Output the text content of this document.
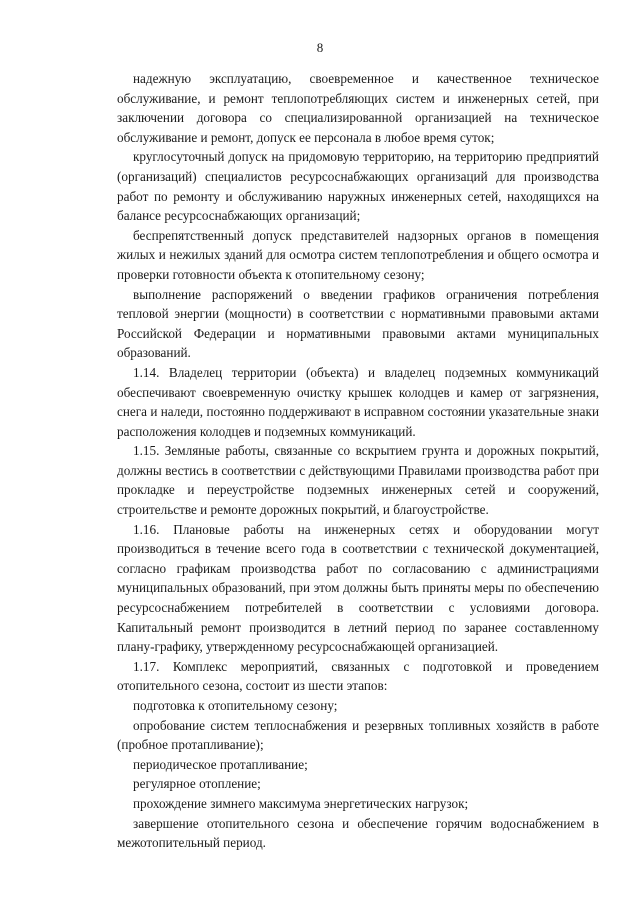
8

надежную эксплуатацию, своевременное и качественное техническое обслуживание, и ремонт теплопотребляющих систем и инженерных сетей, при заключении договора со специализированной организацией на техническое обслуживание и ремонт, допуск ее персонала в любое время суток;

круглосуточный допуск на придомовую территорию, на территорию предприятий (организаций) специалистов ресурсоснабжающих организаций для производства работ по ремонту и обслуживанию наружных инженерных сетей, находящихся на балансе ресурсоснабжающих организаций;

беспрепятственный допуск представителей надзорных органов в помещения жилых и нежилых зданий для осмотра систем теплопотребления и общего осмотра и проверки готовности объекта к отопительному сезону;

выполнение распоряжений о введении графиков ограничения потребления тепловой энергии (мощности) в соответствии с нормативными правовыми актами Российской Федерации и нормативными правовыми актами муниципальных образований.

1.14. Владелец территории (объекта) и владелец подземных коммуникаций обеспечивают своевременную очистку крышек колодцев и камер от загрязнения, снега и наледи, постоянно поддерживают в исправном состоянии указательные знаки расположения колодцев и подземных коммуникаций.

1.15. Земляные работы, связанные со вскрытием грунта и дорожных покрытий, должны вестись в соответствии с действующими Правилами производства работ при прокладке и переустройстве подземных инженерных сетей и сооружений, строительстве и ремонте дорожных покрытий, и благоустройстве.

1.16. Плановые работы на инженерных сетях и оборудовании могут производиться в течение всего года в соответствии с технической документацией, согласно графикам производства работ по согласованию с администрациями муниципальных образований, при этом должны быть приняты меры по обеспечению ресурсоснабжением потребителей в соответствии с условиями договора. Капитальный ремонт производится в летний период по заранее составленному плану-графику, утвержденному ресурсоснабжающей организацией.

1.17. Комплекс мероприятий, связанных с подготовкой и проведением отопительного сезона, состоит из шести этапов:

подготовка к отопительному сезону;

опробование систем теплоснабжения и резервных топливных хозяйств в работе (пробное протапливание);

периодическое протапливание;

регулярное отопление;

прохождение зимнего максимума энергетических нагрузок;

завершение отопительного сезона и обеспечение горячим водоснабжением в межотопительный период.
